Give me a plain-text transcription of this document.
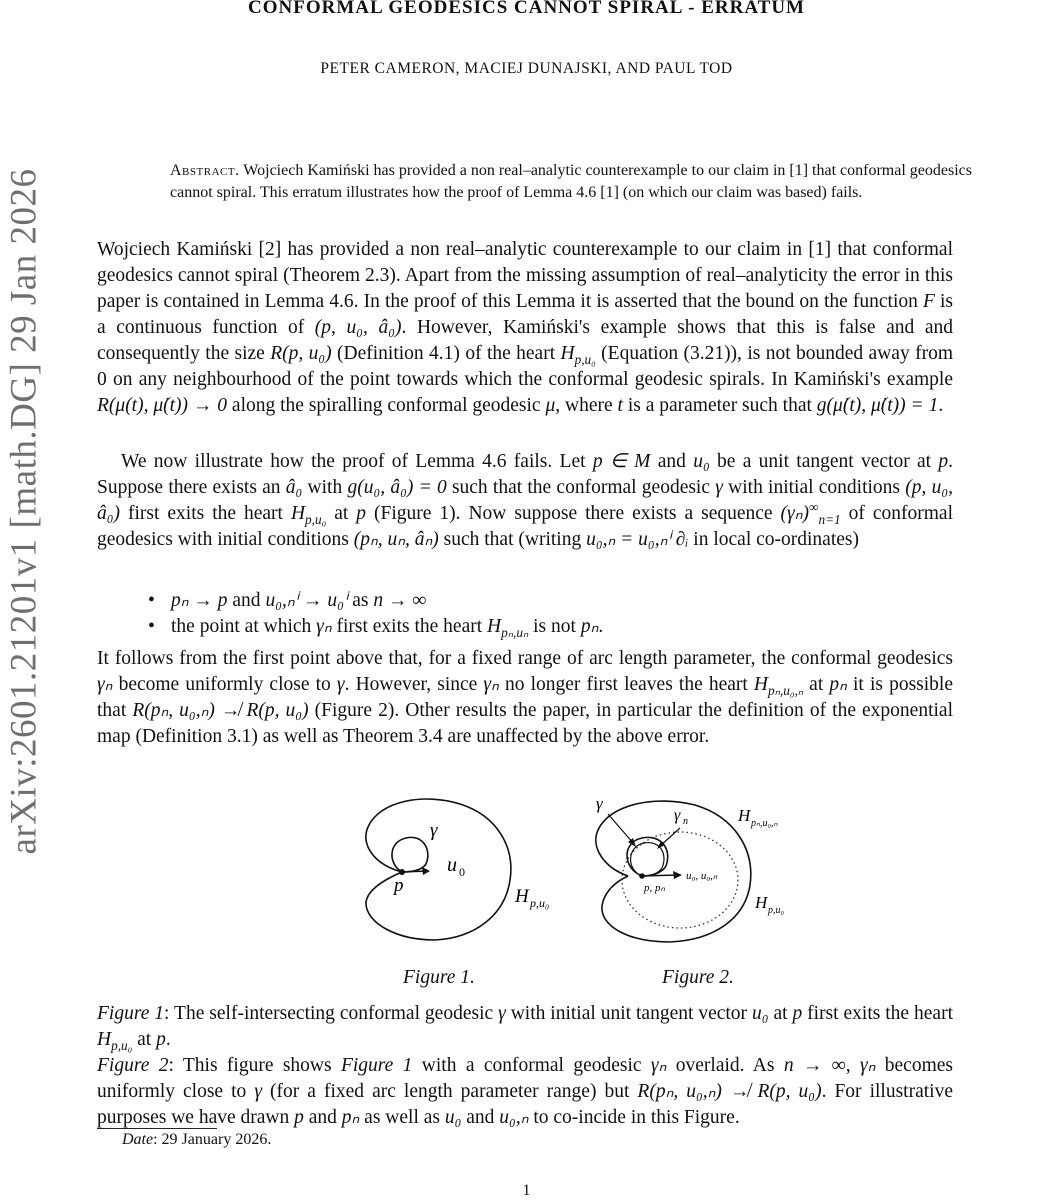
arXiv:2601.21201v1 [math.DG] 29 Jan 2026
CONFORMAL GEODESICS CANNOT SPIRAL - ERRATUM
PETER CAMERON, MACIEJ DUNAJSKI, AND PAUL TOD
Abstract. Wojciech Kamiński has provided a non real–analytic counterexample to our claim in [1] that conformal geodesics cannot spiral. This erratum illustrates how the proof of Lemma 4.6 [1] (on which our claim was based) fails.
Wojciech Kamiński [2] has provided a non real–analytic counterexample to our claim in [1] that conformal geodesics cannot spiral (Theorem 2.3). Apart from the missing assumption of real–analyticity the error in this paper is contained in Lemma 4.6. In the proof of this Lemma it is asserted that the bound on the function F is a continuous function of (p, u₀, â₀). However, Kamiński's example shows that this is false and and consequently the size R(p, u₀) (Definition 4.1) of the heart $H_{p,u_0}$ (Equation (3.21)), is not bounded away from 0 on any neighbourhood of the point towards which the conformal geodesic spirals. In Kamiński's example R(μ(t), μ̇(t)) → 0 along the spiralling conformal geodesic μ, where t is a parameter such that g(μ̇(t), μ̇(t)) = 1.
We now illustrate how the proof of Lemma 4.6 fails. Let p ∈ M and u₀ be a unit tangent vector at p. Suppose there exists an â₀ with g(u₀, â₀) = 0 such that the conformal geodesic γ with initial conditions (p, u₀, â₀) first exits the heart $H_{p,u_0}$ at p (Figure 1). Now suppose there exists a sequence $(\gamma_n)^\infty_{n=1}$ of conformal geodesics with initial conditions (pₙ, uₙ, âₙ) such that (writing u₀,ₙ = u₀,ₙⁱ ∂ᵢ in local co-ordinates)
• pₙ → p and u₀,ₙⁱ → u₀ⁱ as n → ∞
• the point at which γₙ first exits the heart $H_{p_n,u_n}$ is not pₙ.
It follows from the first point above that, for a fixed range of arc length parameter, the conformal geodesics γₙ become uniformly close to γ. However, since γₙ no longer first leaves the heart $H_{p_n,u_0,_n}$ at pₙ it is possible that R(pₙ, u₀,ₙ) ↛ R(p, u₀) (Figure 2). Other results the paper, in particular the definition of the exponential map (Definition 3.1) as well as Theorem 3.4 are unaffected by the above error.
γ
u 0
p
H p,u₀
γ
γ n	H pₙ,u₀,ₙ
u₀, u₀,ₙ
p, pₙ
H p,u₀
Figure 1.	Figure 2.
Figure 1: The self-intersecting conformal geodesic γ with initial unit tangent vector u₀ at p first exits the heart $H_{p,u_0}$ at p.
Figure 2: This figure shows Figure 1 with a conformal geodesic γₙ overlaid. As n → ∞, γₙ becomes uniformly close to γ (for a fixed arc length parameter range) but R(pₙ, u₀,ₙ) ↛ R(p, u₀). For illustrative purposes we have drawn p and pₙ as well as u₀ and u₀,ₙ to co-incide in this Figure.
Date: 29 January 2026.
1
